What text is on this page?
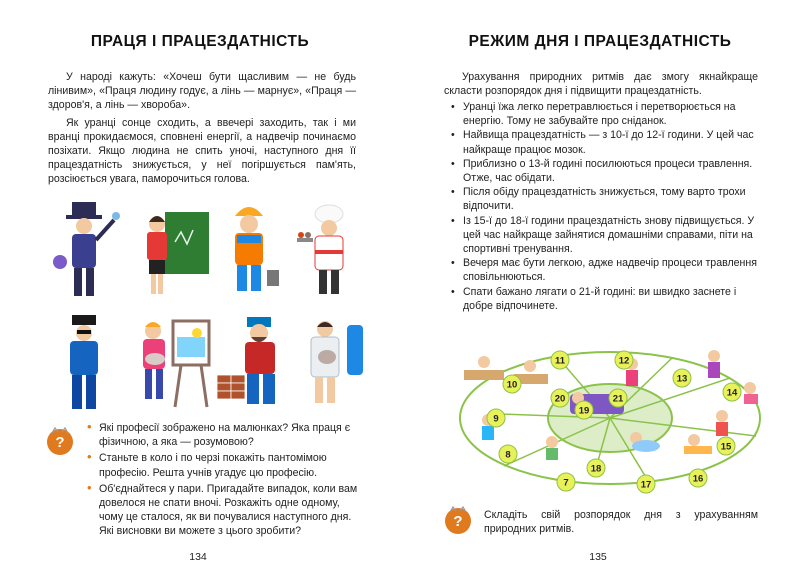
ПРАЦЯ І ПРАЦЕЗДАТНІСТЬ

У народі кажуть: «Хочеш бути щасливим — не будь лінивим», «Праця людину годує, а лінь — марнує», «Праця — здоров'я, а лінь — хвороба».

Як уранці сонце сходить, а ввечері заходить, так і ми вранці прокидаємося, сповнені енергії, а надвечір починаємо позіхати. Якщо людина не спить уночі, наступного дня її працездатність знижується, у неї погіршується пам'ять, розсіюється увага, паморочиться голова.

?
• Які професії зображено на малюнках? Яка праця є фізичною, а яка — розумовою?
• Станьте в коло і по черзі покажіть пантомімою професію. Решта учнів угадує цю професію.
• Об'єднайтеся у пари. Пригадайте випадок, коли вам довелося не спати вночі. Розкажіть одне одному, чому це сталося, як ви почувалися наступного дня. Які висновки ви можете з цього зробити?
134
РЕЖИМ ДНЯ І ПРАЦЕЗДАТНІСТЬ

Урахування природних ритмів дає змогу якнайкраще скласти розпорядок дня і підвищити працездатність.

• Уранці їжа легко перетравлюється і перетворюється на енергію. Тому не забувайте про сніданок.
• Найвища працездатність — з 10-ї до 12-ї години. У цей час найкраще працює мозок.
• Приблизно о 13-й годині посилюються процеси травлення. Отже, час обідати.
• Після обіду працездатність знижується, тому варто трохи відпочити.
• Із 15-ї до 18-ї години працездатність знову підвищується. У цей час найкраще зайнятися домашніми справами, піти на спортивні тренування.
• Вечеря має бути легкою, адже надвечір процеси травлення сповільнюються.
• Спати бажано лягати о 21-й годині: ви швидко заснете і добре відпочинете.
11	12
13
14
15
16
17
18
19
20	21
10
9
8
7
? Складіть свій розпорядок дня з урахуванням природних ритмів.
135
